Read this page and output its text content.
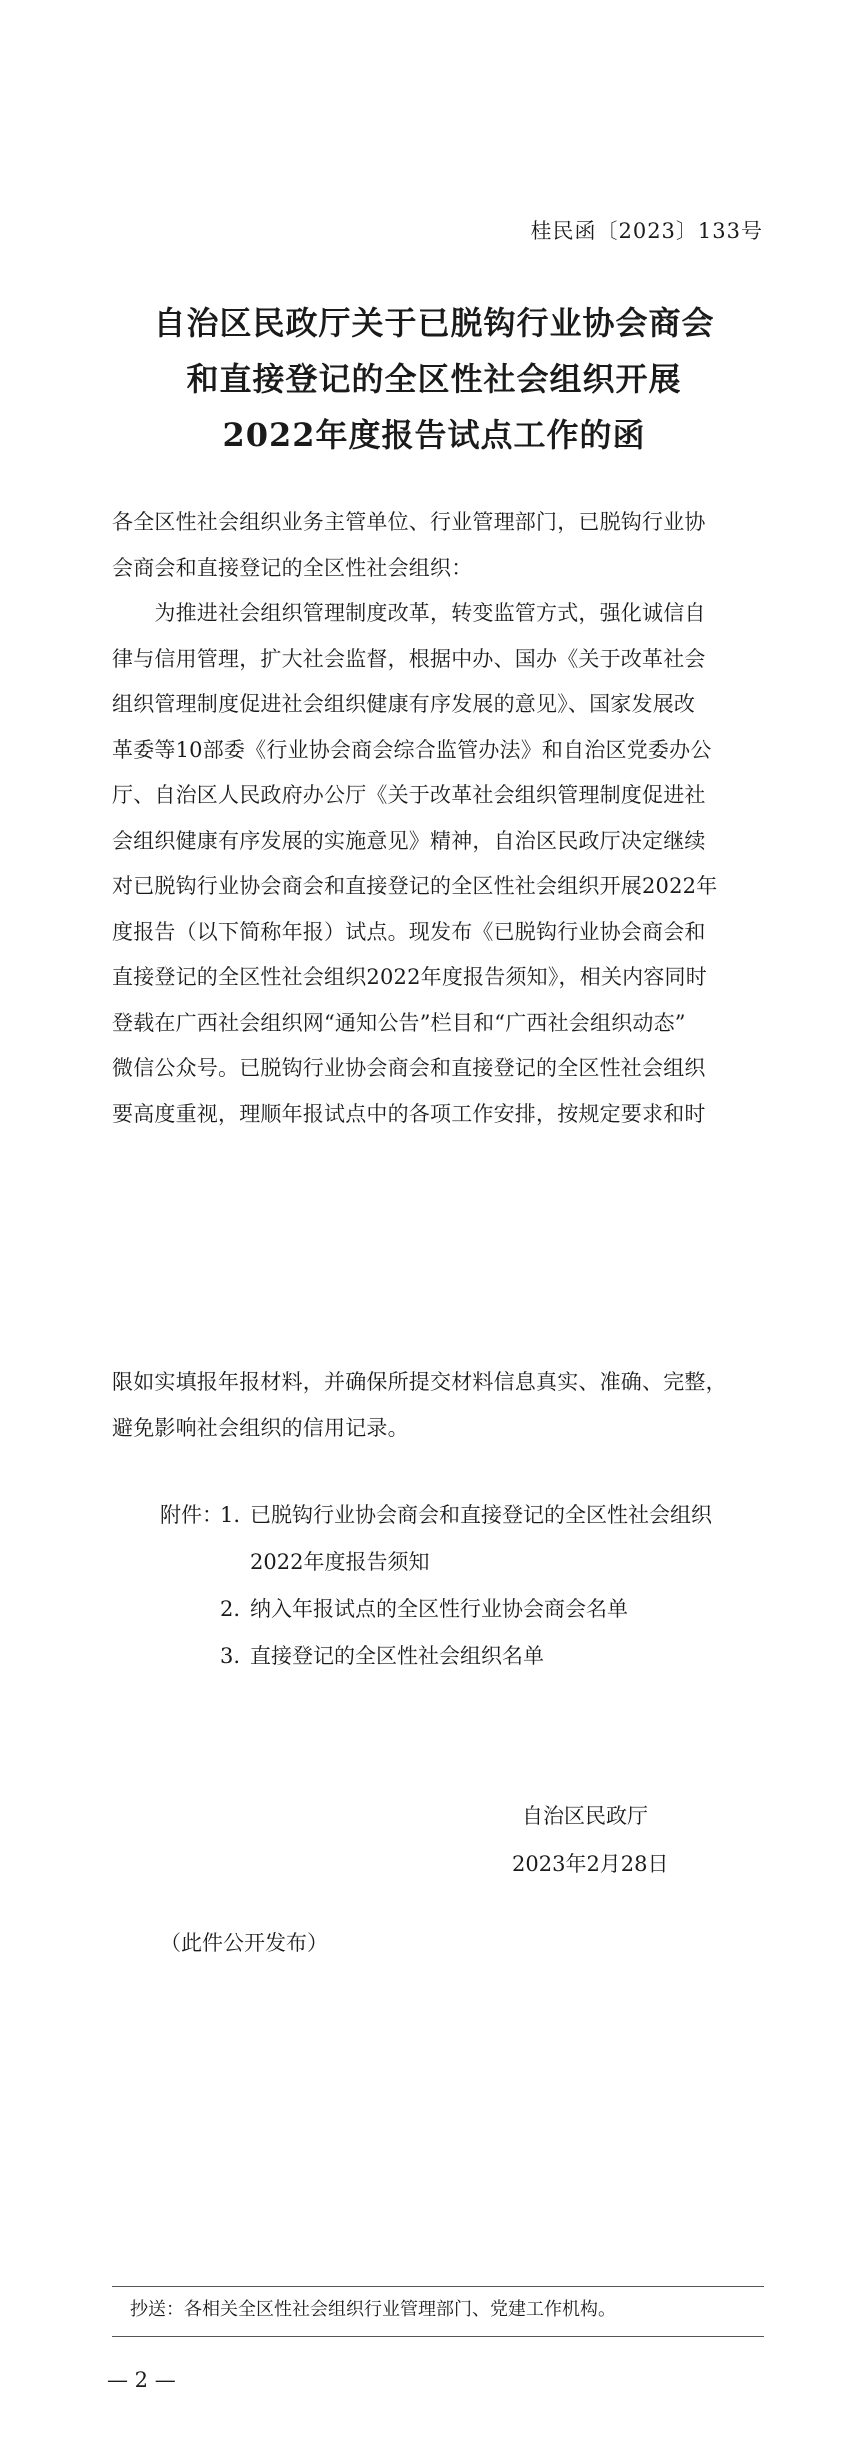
桂民函〔2023〕133号
自治区民政厅关于已脱钩行业协会商会
和直接登记的全区性社会组织开展
2022年度报告试点工作的函
各全区性社会组织业务主管单位、行业管理部门，已脱钩行业协
会商会和直接登记的全区性社会组织：
　　为推进社会组织管理制度改革，转变监管方式，强化诚信自
律与信用管理，扩大社会监督，根据中办、国办《关于改革社会
组织管理制度促进社会组织健康有序发展的意见》、国家发展改
革委等10部委《行业协会商会综合监管办法》和自治区党委办公
厅、自治区人民政府办公厅《关于改革社会组织管理制度促进社
会组织健康有序发展的实施意见》精神，自治区民政厅决定继续
对已脱钩行业协会商会和直接登记的全区性社会组织开展2022年
度报告（以下简称年报）试点。现发布《已脱钩行业协会商会和
直接登记的全区性社会组织2022年度报告须知》，相关内容同时
登载在广西社会组织网“通知公告”栏目和“广西社会组织动态”
微信公众号。已脱钩行业协会商会和直接登记的全区性社会组织
要高度重视，理顺年报试点中的各项工作安排，按规定要求和时
限如实填报年报材料，并确保所提交材料信息真实、准确、完整，
避免影响社会组织的信用记录。
附件：1. 已脱钩行业协会商会和直接登记的全区性社会组织
2022年度报告须知
2. 纳入年报试点的全区性行业协会商会名单
3. 直接登记的全区性社会组织名单
自治区民政厅
2023年2月28日
（此件公开发布）
抄送：各相关全区性社会组织行业管理部门、党建工作机构。
— 2 —
